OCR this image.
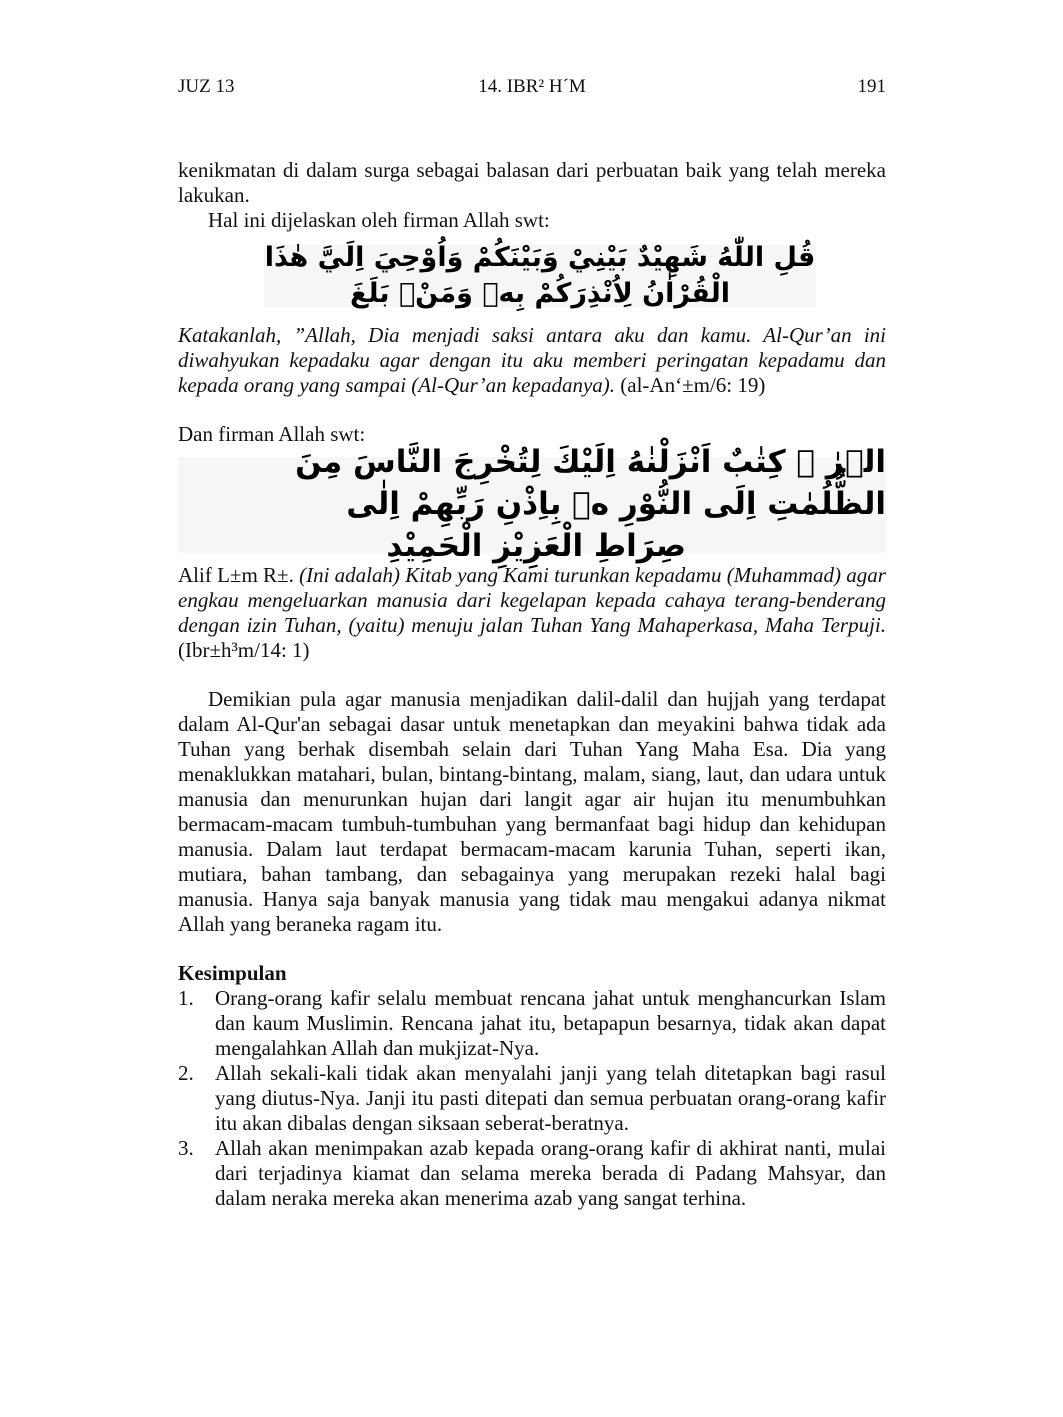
JUZ 13	14. IBR² H´M	191

kenikmatan di dalam surga sebagai balasan dari perbuatan baik yang telah mereka lakukan.

Hal ini dijelaskan oleh firman Allah swt:

قُلِ اللّٰهُ شَهِيْدٌ بَيْنِيْ وَبَيْنَكُمْ وَاُوْحِيَ اِلَيَّ هٰذَا الْقُرْاٰنُ لِاُنْذِرَكُمْ بِهٖ وَمَنْۢ بَلَغَ

Katakanlah, ”Allah, Dia menjadi saksi antara aku dan kamu. Al-Qur’an ini diwahyukan kepadaku agar dengan itu aku memberi peringatan kepadamu dan kepada orang yang sampai (Al-Qur’an kepadanya). (al-An‘±m/6: 19)

Dan firman Allah swt:

الۤرٰ ۗ كِتٰبٌ اَنْزَلْنٰهُ اِلَيْكَ لِتُخْرِجَ النَّاسَ مِنَ الظُّلُمٰتِ اِلَى النُّوْرِ ەۙ بِاِذْنِ رَبِّهِمْ اِلٰى
صِرَاطِ الْعَزِيْزِ الْحَمِيْدِ

Alif L±m R±. (Ini adalah) Kitab yang Kami turunkan kepadamu (Muhammad) agar engkau mengeluarkan manusia dari kegelapan kepada cahaya terang-benderang dengan izin Tuhan, (yaitu) menuju jalan Tuhan Yang Mahaperkasa, Maha Terpuji. (Ibr±h³m/14: 1)

Demikian pula agar manusia menjadikan dalil-dalil dan hujjah yang terdapat dalam Al-Qur'an sebagai dasar untuk menetapkan dan meyakini bahwa tidak ada Tuhan yang berhak disembah selain dari Tuhan Yang Maha Esa. Dia yang menaklukkan matahari, bulan, bintang-bintang, malam, siang, laut, dan udara untuk manusia dan menurunkan hujan dari langit agar air hujan itu menumbuhkan bermacam-macam tumbuh-tumbuhan yang bermanfaat bagi hidup dan kehidupan manusia. Dalam laut terdapat bermacam-macam karunia Tuhan, seperti ikan, mutiara, bahan tambang, dan sebagainya yang merupakan rezeki halal bagi manusia. Hanya saja banyak manusia yang tidak mau mengakui adanya nikmat Allah yang beraneka ragam itu.

Kesimpulan
1. Orang-orang kafir selalu membuat rencana jahat untuk menghancurkan Islam dan kaum Muslimin. Rencana jahat itu, betapapun besarnya, tidak akan dapat mengalahkan Allah dan mukjizat-Nya.
2. Allah sekali-kali tidak akan menyalahi janji yang telah ditetapkan bagi rasul yang diutus-Nya. Janji itu pasti ditepati dan semua perbuatan orang-orang kafir itu akan dibalas dengan siksaan seberat-beratnya.
3. Allah akan menimpakan azab kepada orang-orang kafir di akhirat nanti, mulai dari terjadinya kiamat dan selama mereka berada di Padang Mahsyar, dan dalam neraka mereka akan menerima azab yang sangat terhina.
